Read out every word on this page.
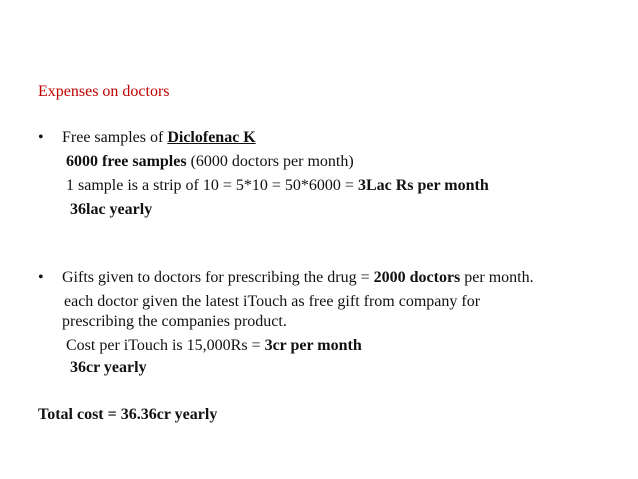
Expenses on doctors
• Free samples of Diclofenac K
6000 free samples (6000 doctors per month)
1 sample is a strip of 10 = 5*10 = 50*6000 = 3Lac Rs per month
36lac yearly
• Gifts given to doctors for prescribing the drug = 2000 doctors per month.
each doctor given the latest iTouch as free gift from company for
prescribing the companies product.
Cost per iTouch is 15,000Rs = 3cr per month
36cr yearly
Total cost = 36.36cr yearly
